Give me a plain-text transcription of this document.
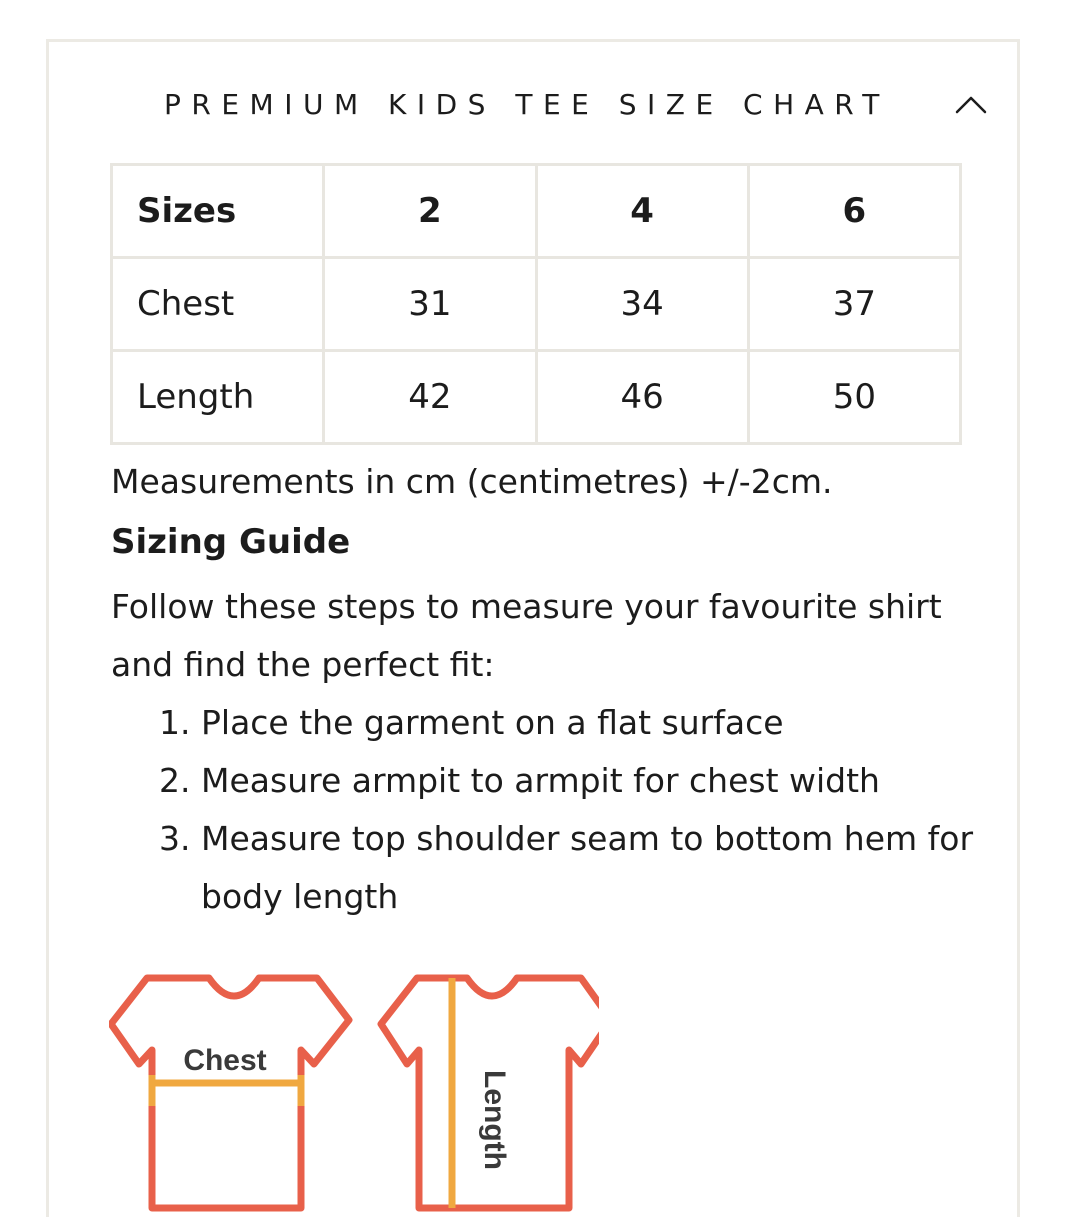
PREMIUM KIDS TEE SIZE CHART
Sizes	2	4	6
Chest	31	34	37
Length	42	46	50
Measurements in cm (centimetres) +/-2cm.
Sizing Guide
Follow these steps to measure your favourite shirt and find the perfect fit:
1. Place the garment on a flat surface
2. Measure armpit to armpit for chest width
3. Measure top shoulder seam to bottom hem for body length
Chest
Length
